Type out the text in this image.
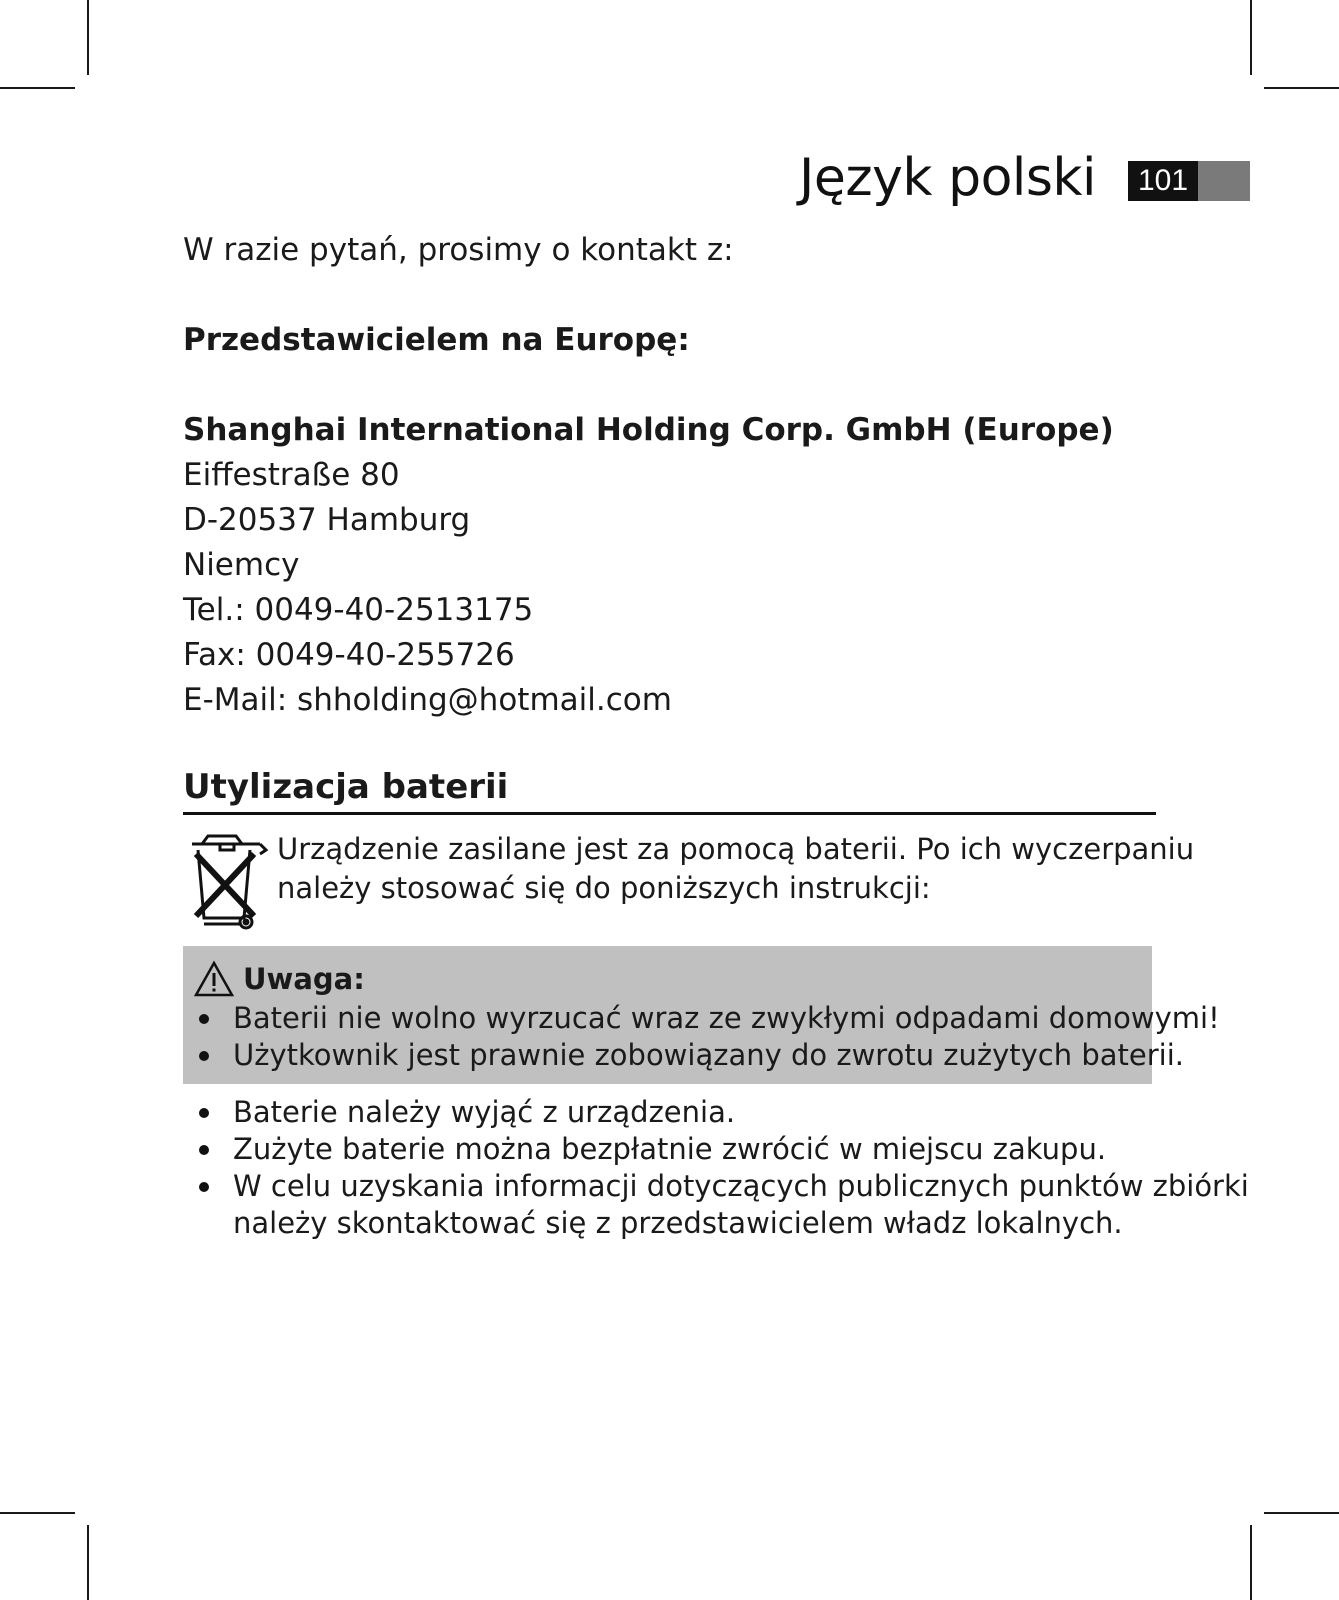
Język polski	101
W razie pytań, prosimy o kontakt z:
Przedstawicielem na Europę:
Shanghai International Holding Corp. GmbH (Europe)
Eiffestraße 80
D-20537 Hamburg
Niemcy
Tel.: 0049-40-2513175
Fax: 0049-40-255726
E-Mail: shholding@hotmail.com
Utylizacja baterii
Urządzenie zasilane jest za pomocą baterii. Po ich wyczerpaniu
należy stosować się do poniższych instrukcji:
Uwaga:
Baterii nie wolno wyrzucać wraz ze zwykłymi odpadami domowymi!
Użytkownik jest prawnie zobowiązany do zwrotu zużytych baterii.
Baterie należy wyjąć z urządzenia.
Zużyte baterie można bezpłatnie zwrócić w miejscu zakupu.
W celu uzyskania informacji dotyczących publicznych punktów zbiórki
należy skontaktować się z przedstawicielem władz lokalnych.
